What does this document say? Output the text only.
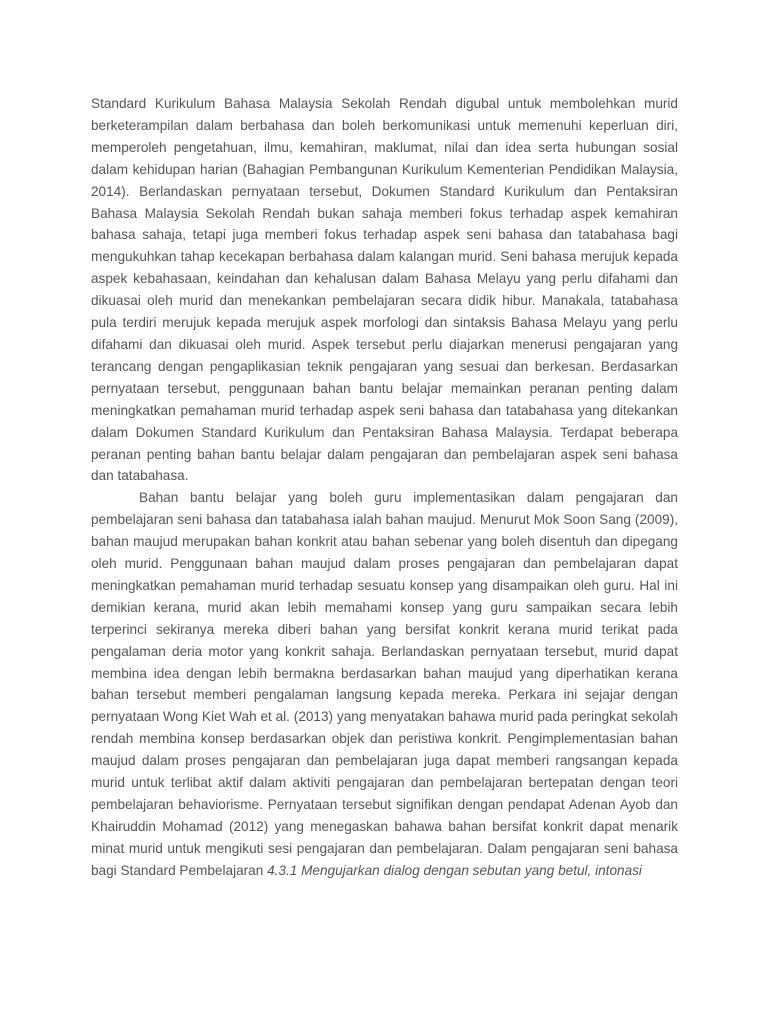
Standard Kurikulum Bahasa Malaysia Sekolah Rendah digubal untuk membolehkan murid berketerampilan dalam berbahasa dan boleh berkomunikasi untuk memenuhi keperluan diri, memperoleh pengetahuan, ilmu, kemahiran, maklumat, nilai dan idea serta hubungan sosial dalam kehidupan harian (Bahagian Pembangunan Kurikulum Kementerian Pendidikan Malaysia, 2014). Berlandaskan pernyataan tersebut, Dokumen Standard Kurikulum dan Pentaksiran Bahasa Malaysia Sekolah Rendah bukan sahaja memberi fokus terhadap aspek kemahiran bahasa sahaja, tetapi juga memberi fokus terhadap aspek seni bahasa dan tatabahasa bagi mengukuhkan tahap kecekapan berbahasa dalam kalangan murid. Seni bahasa merujuk kepada aspek kebahasaan, keindahan dan kehalusan dalam Bahasa Melayu yang perlu difahami dan dikuasai oleh murid dan menekankan pembelajaran secara didik hibur. Manakala, tatabahasa pula terdiri merujuk kepada merujuk aspek morfologi dan sintaksis Bahasa Melayu yang perlu difahami dan dikuasai oleh murid. Aspek tersebut perlu diajarkan menerusi pengajaran yang terancang dengan pengaplikasian teknik pengajaran yang sesuai dan berkesan. Berdasarkan pernyataan tersebut, penggunaan bahan bantu belajar memainkan peranan penting dalam meningkatkan pemahaman murid terhadap aspek seni bahasa dan tatabahasa yang ditekankan dalam Dokumen Standard Kurikulum dan Pentaksiran Bahasa Malaysia. Terdapat beberapa peranan penting bahan bantu belajar dalam pengajaran dan pembelajaran aspek seni bahasa dan tatabahasa.

Bahan bantu belajar yang boleh guru implementasikan dalam pengajaran dan pembelajaran seni bahasa dan tatabahasa ialah bahan maujud. Menurut Mok Soon Sang (2009), bahan maujud merupakan bahan konkrit atau bahan sebenar yang boleh disentuh dan dipegang oleh murid. Penggunaan bahan maujud dalam proses pengajaran dan pembelajaran dapat meningkatkan pemahaman murid terhadap sesuatu konsep yang disampaikan oleh guru. Hal ini demikian kerana, murid akan lebih memahami konsep yang guru sampaikan secara lebih terperinci sekiranya mereka diberi bahan yang bersifat konkrit kerana murid terikat pada pengalaman deria motor yang konkrit sahaja. Berlandaskan pernyataan tersebut, murid dapat membina idea dengan lebih bermakna berdasarkan bahan maujud yang diperhatikan kerana bahan tersebut memberi pengalaman langsung kepada mereka. Perkara ini sejajar dengan pernyataan Wong Kiet Wah et al. (2013) yang menyatakan bahawa murid pada peringkat sekolah rendah membina konsep berdasarkan objek dan peristiwa konkrit. Pengimplementasian bahan maujud dalam proses pengajaran dan pembelajaran juga dapat memberi rangsangan kepada murid untuk terlibat aktif dalam aktiviti pengajaran dan pembelajaran bertepatan dengan teori pembelajaran behaviorisme. Pernyataan tersebut signifikan dengan pendapat Adenan Ayob dan Khairuddin Mohamad (2012) yang menegaskan bahawa bahan bersifat konkrit dapat menarik minat murid untuk mengikuti sesi pengajaran dan pembelajaran. Dalam pengajaran seni bahasa bagi Standard Pembelajaran 4.3.1 Mengujarkan dialog dengan sebutan yang betul, intonasi
